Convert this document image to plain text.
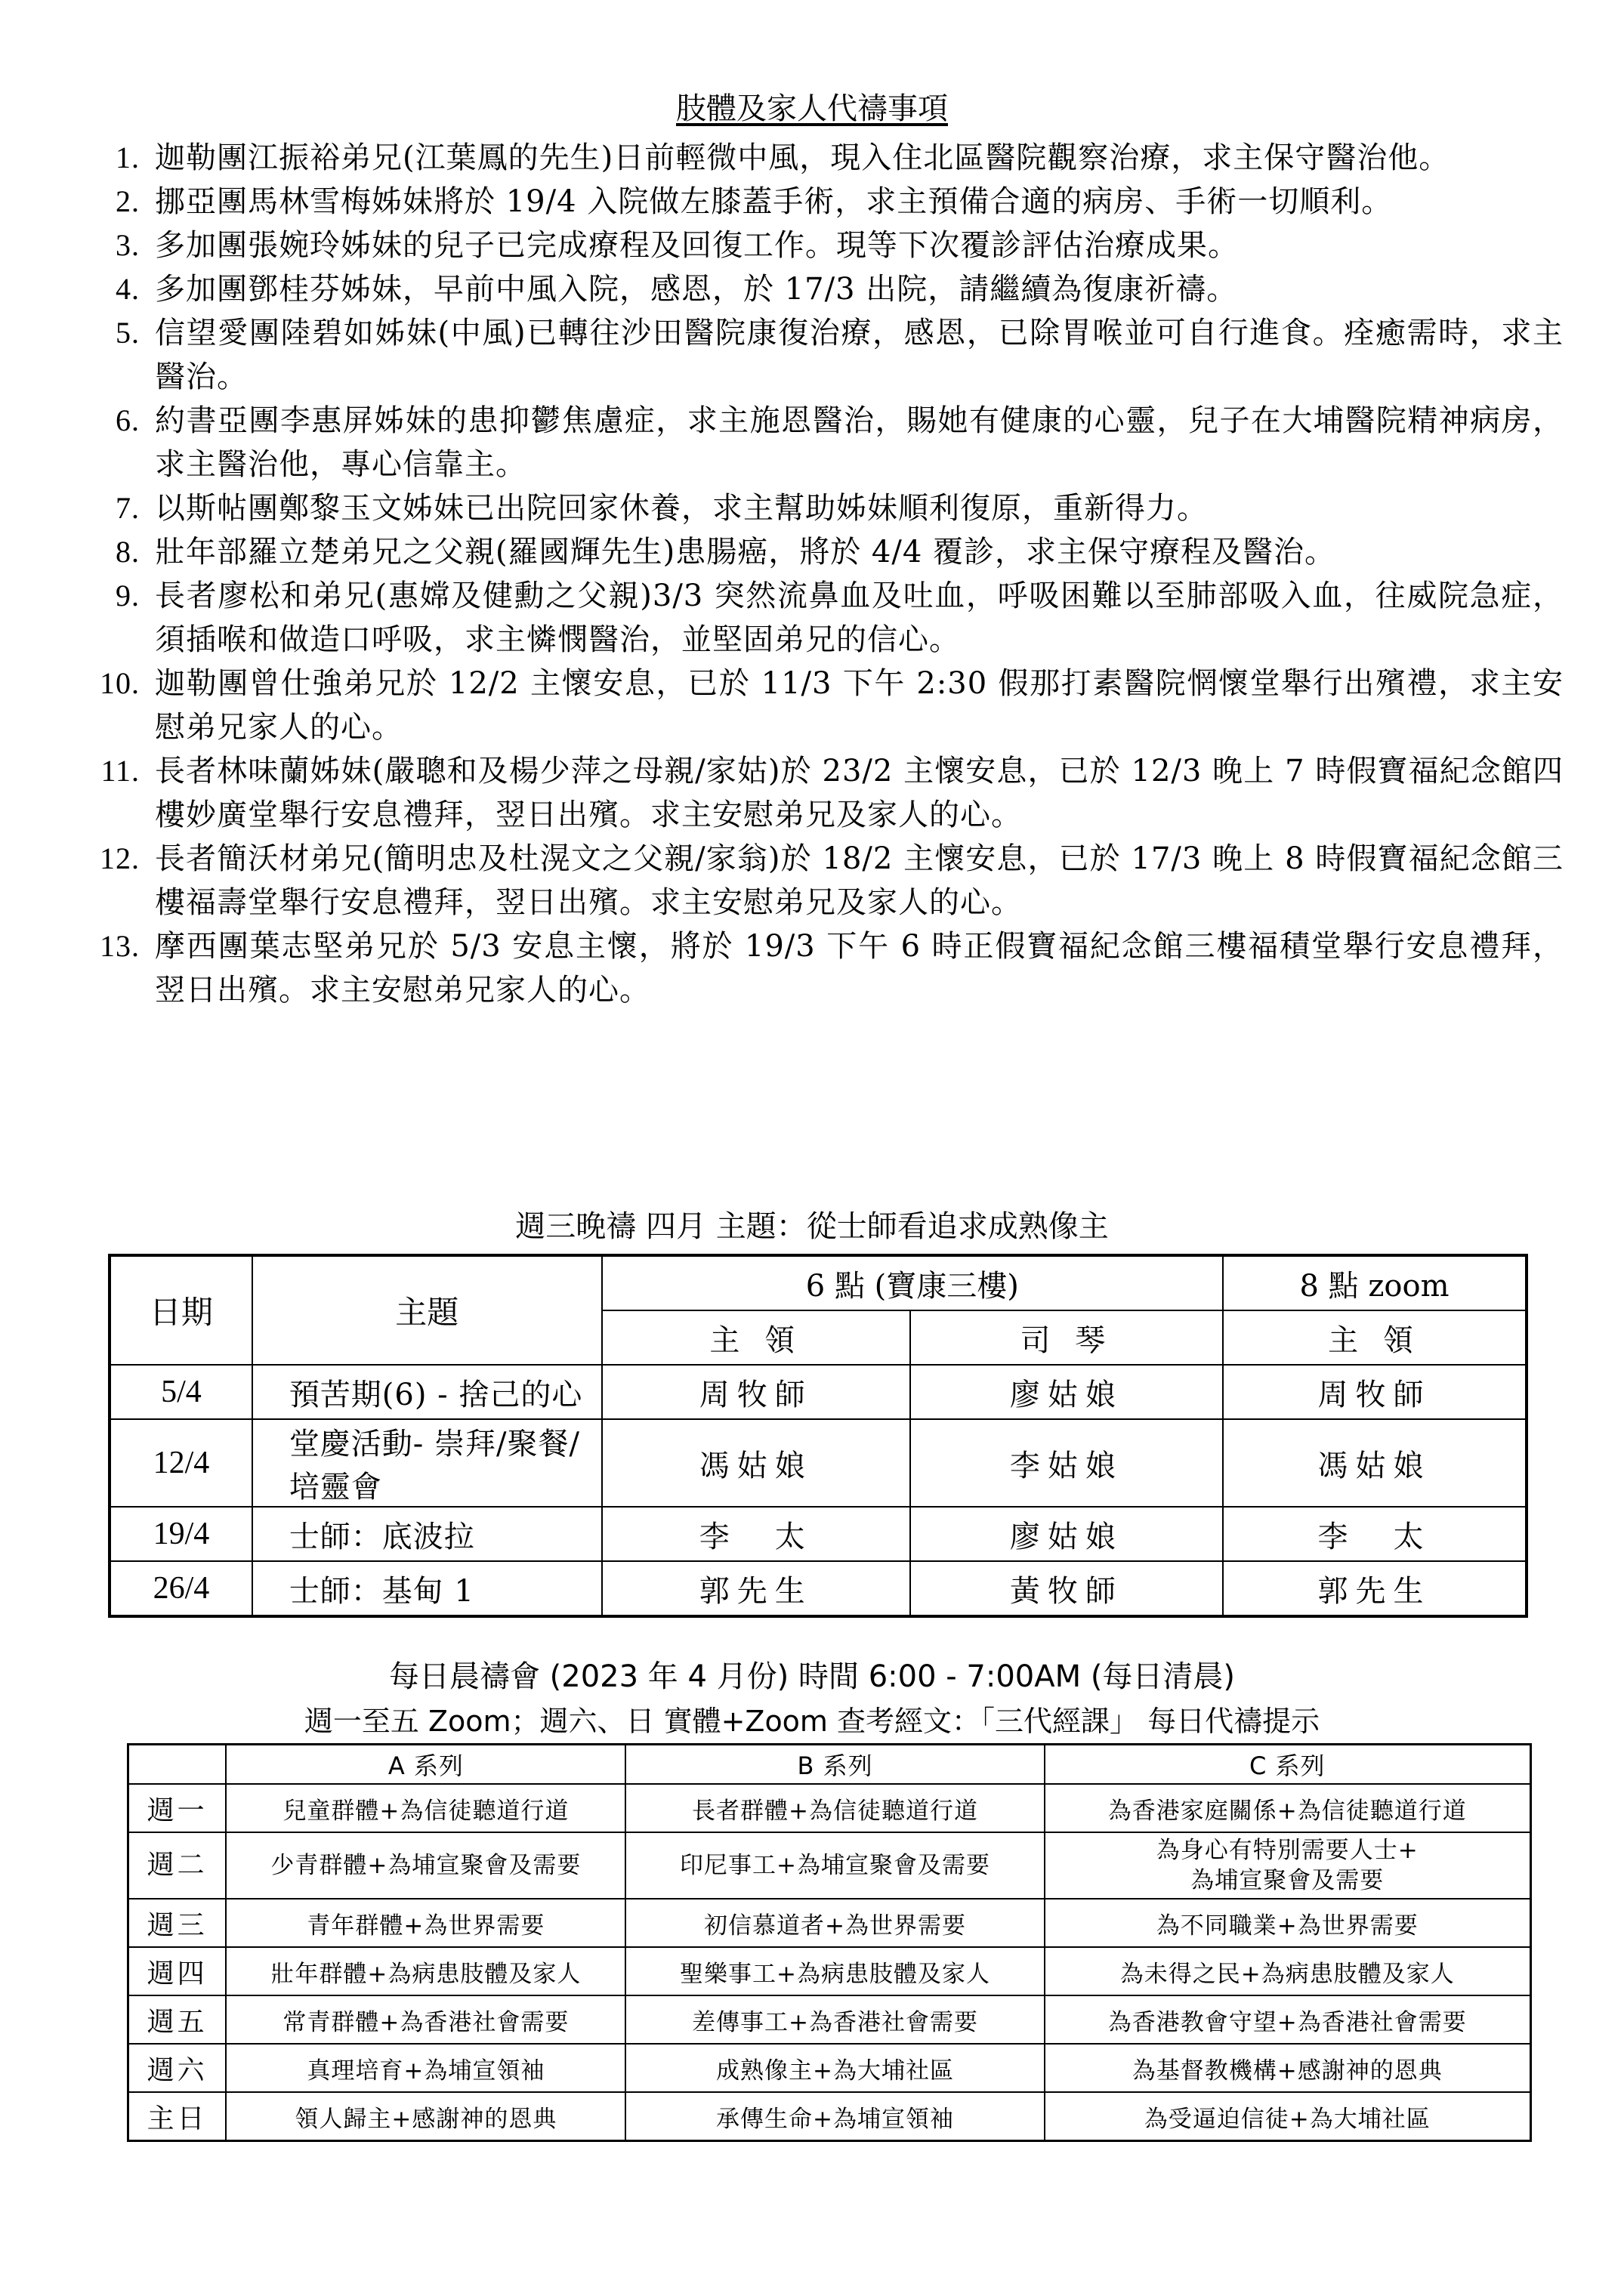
肢體及家人代禱事項
1. 迦勒團江振裕弟兄(江葉鳳的先生)日前輕微中風，現入住北區醫院觀察治療，求主保守醫治他。
2. 挪亞團馬林雪梅姊妹將於 19/4 入院做左膝蓋手術，求主預備合適的病房、手術一切順利。
3. 多加團張婉玲姊妹的兒子已完成療程及回復工作。現等下次覆診評估治療成果。
4. 多加團鄧桂芬姊妹，早前中風入院，感恩，於 17/3 出院，請繼續為復康祈禱。
5. 信望愛團陸碧如姊妹(中風)已轉往沙田醫院康復治療，感恩，已除胃喉並可自行進食。痊癒需時，求主醫治。
6. 約書亞團李惠屏姊妹的患抑鬱焦慮症，求主施恩醫治，賜她有健康的心靈，兒子在大埔醫院精神病房，求主醫治他，專心信靠主。
7. 以斯帖團鄭黎玉文姊妹已出院回家休養，求主幫助姊妹順利復原，重新得力。
8. 壯年部羅立楚弟兄之父親(羅國輝先生)患腸癌，將於 4/4 覆診，求主保守療程及醫治。
9. 長者廖松和弟兄(惠嫦及健勳之父親)3/3 突然流鼻血及吐血，呼吸困難以至肺部吸入血，往威院急症，須插喉和做造口呼吸，求主憐憫醫治，並堅固弟兄的信心。
10. 迦勒團曾仕強弟兄於 12/2 主懷安息，已於 11/3 下午 2:30 假那打素醫院惘懷堂舉行出殯禮，求主安慰弟兄家人的心。
11. 長者林味蘭姊妹(嚴聰和及楊少萍之母親/家姑)於 23/2 主懷安息，已於 12/3 晚上 7 時假寶福紀念館四樓妙廣堂舉行安息禮拜，翌日出殯。求主安慰弟兄及家人的心。
12. 長者簡沃材弟兄(簡明忠及杜滉文之父親/家翁)於 18/2 主懷安息，已於 17/3 晚上 8 時假寶福紀念館三樓福壽堂舉行安息禮拜，翌日出殯。求主安慰弟兄及家人的心。
13. 摩西團葉志堅弟兄於 5/3 安息主懷，將於 19/3 下午 6 時正假寶福紀念館三樓福積堂舉行安息禮拜，翌日出殯。求主安慰弟兄家人的心。
週三晚禱 四月 主題：從士師看追求成熟像主
日期	主題	6 點 (寶康三樓)		8 點 zoom
		主 領	司 琴	主 領
5/4	預苦期(6) - 捨己的心	周牧師	廖姑娘	周牧師
12/4	堂慶活動- 崇拜/聚餐/培靈會	馮姑娘	李姑娘	馮姑娘
19/4	士師：底波拉	李　太	廖姑娘	李　太
26/4	士師：基甸 1	郭先生	黃牧師	郭先生
每日晨禱會 (2023 年 4 月份) 時間 6:00 - 7:00AM (每日清晨)
週一至五 Zoom；週六、日 實體+Zoom 查考經文：「三代經課」 每日代禱提示
	A 系列	B 系列	C 系列
週一	兒童群體+為信徒聽道行道	長者群體+為信徒聽道行道	為香港家庭關係+為信徒聽道行道
週二	少青群體+為埔宣聚會及需要	印尼事工+為埔宣聚會及需要	為身心有特別需要人士+
為埔宣聚會及需要
週三	青年群體+為世界需要	初信慕道者+為世界需要	為不同職業+為世界需要
週四	壯年群體+為病患肢體及家人	聖樂事工+為病患肢體及家人	為未得之民+為病患肢體及家人
週五	常青群體+為香港社會需要	差傳事工+為香港社會需要	為香港教會守望+為香港社會需要
週六	真理培育+為埔宣領袖	成熟像主+為大埔社區	為基督教機構+感謝神的恩典
主日	領人歸主+感謝神的恩典	承傳生命+為埔宣領袖	為受逼迫信徒+為大埔社區
